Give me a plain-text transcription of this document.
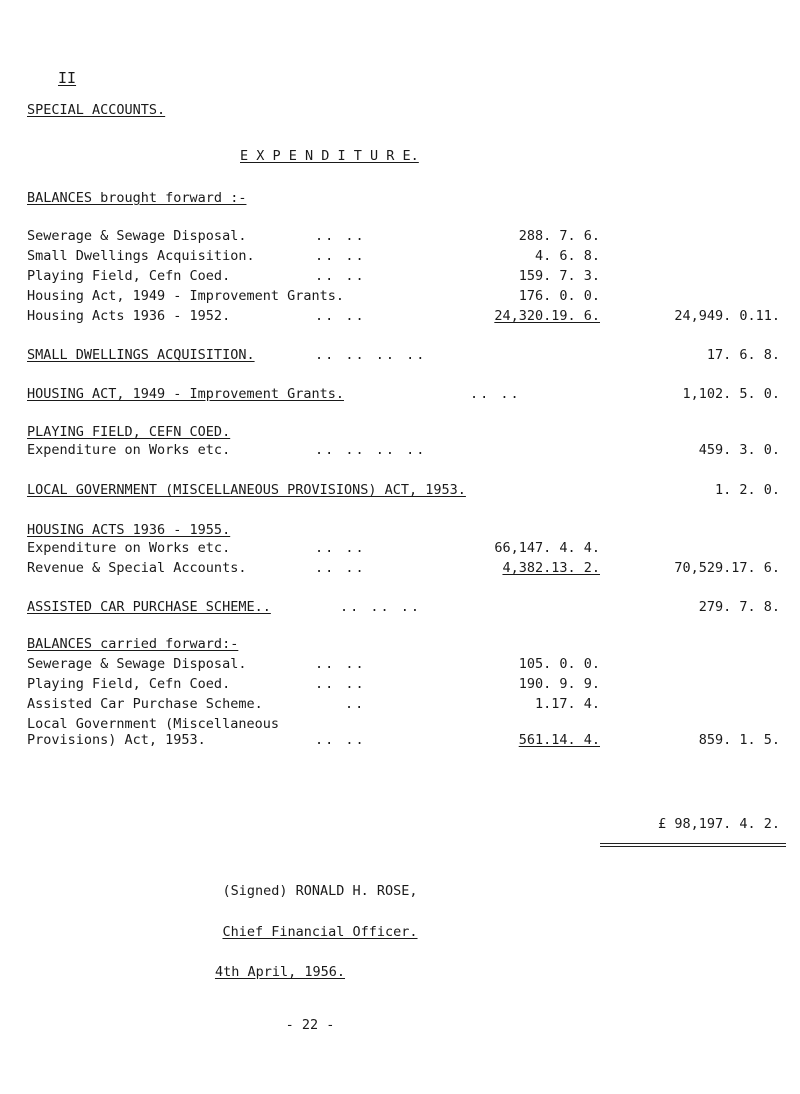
II
SPECIAL ACCOUNTS.
E X P E N D I T U R E.
BALANCES brought forward :-
Sewerage & Sewage Disposal.	.. ..	288. 7. 6.
Small Dwellings Acquisition.	.. ..	4. 6. 8.
Playing Field, Cefn Coed.	.. ..	159. 7. 3.
Housing Act, 1949 - Improvement Grants.	176. 0. 0.
Housing Acts 1936 - 1952.	.. ..	24,320.19. 6.	24,949. 0.11.
SMALL DWELLINGS ACQUISITION.	.. .. .. ..	17. 6. 8.
HOUSING ACT, 1949 - Improvement Grants.	.. ..	1,102. 5. 0.
PLAYING FIELD, CEFN COED.
Expenditure on Works etc.	.. .. .. ..	459. 3. 0.
LOCAL GOVERNMENT (MISCELLANEOUS PROVISIONS) ACT, 1953.	1. 2. 0.
HOUSING ACTS 1936 - 1955.
Expenditure on Works etc.	.. ..	66,147. 4. 4.
Revenue & Special Accounts.	.. ..	4,382.13. 2.	70,529.17. 6.
ASSISTED CAR PURCHASE SCHEME..	.. .. ..	279. 7. 8.
BALANCES carried forward:-
Sewerage & Sewage Disposal.	.. ..	105. 0. 0.
Playing Field, Cefn Coed.	.. ..	190. 9. 9.
Assisted Car Purchase Scheme.	..	1.17. 4.
Local Government (Miscellaneous
Provisions) Act, 1953.	.. ..	561.14. 4.	859. 1. 5.
£ 98,197. 4. 2.
(Signed) RONALD H. ROSE,
Chief Financial Officer.
4th April, 1956.
- 22 -
